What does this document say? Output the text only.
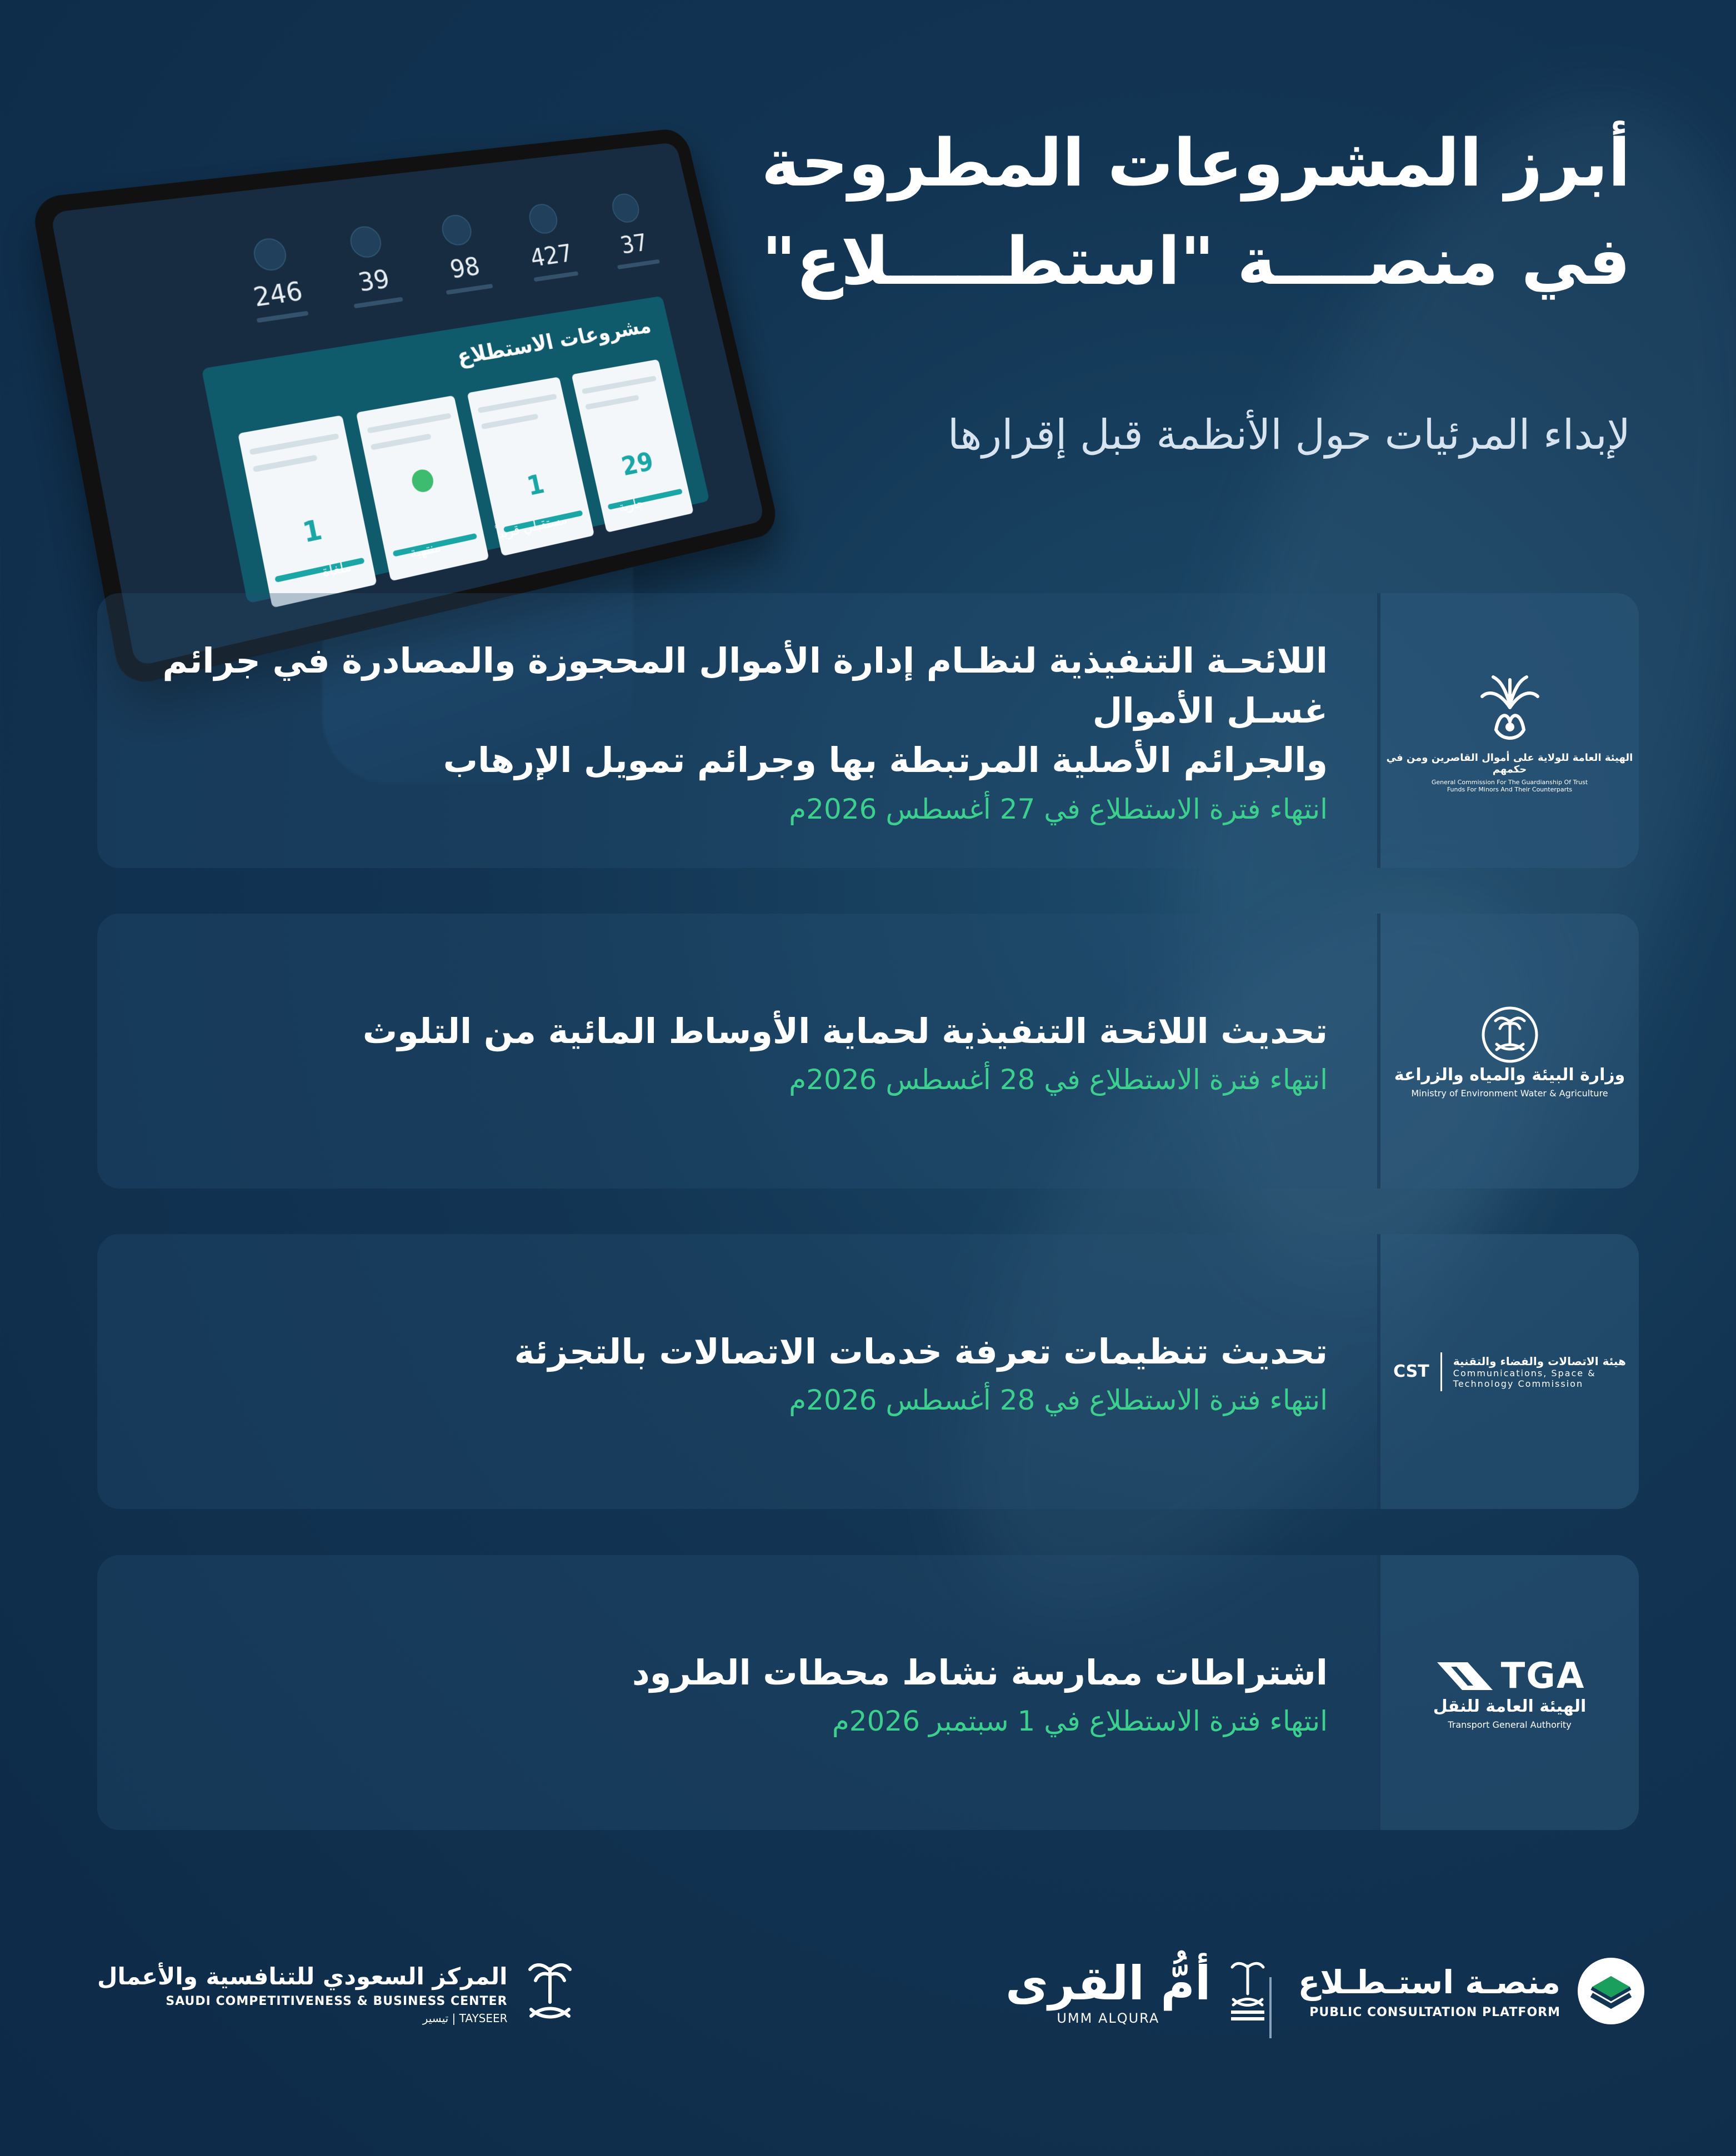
37
427
98
39
246
مشروعات الاستطلاع
29
1
1
جارية
مستقبلي قريباً
منتهية
ملغاة
أبرز المشروعات المطروحة
في منصــــة "استطـــــلاع"
لإبداء المرئيات حول الأنظمة قبل إقرارها
الهيئة العامة للولاية على أموال القاصرين ومن في حكمهم
General Commission For The Guardianship Of Trust Funds For Minors And Their Counterparts
اللائحـة التنفيذية لنظـام إدارة الأموال المحجوزة والمصادرة في جرائم غسـل الأموال
والجرائم الأصلية المرتبطة بها وجرائم تمويل الإرهاب
انتهاء فترة الاستطلاع في 27 أغسطس 2026م
وزارة البيئة والمياه والزراعة
Ministry of Environment Water & Agriculture
تحديث اللائحة التنفيذية لحماية الأوساط المائية من التلوث
انتهاء فترة الاستطلاع في 28 أغسطس 2026م
CST
هيئة الاتصالات والفضاء والتقنية
Communications, Space & Technology Commission
تحديث تنظيمات تعرفة خدمات الاتصالات بالتجزئة
انتهاء فترة الاستطلاع في 28 أغسطس 2026م
TGA
الهيئة العامة للنقل
Transport General Authority
اشتراطات ممارسة نشاط محطات الطرود
انتهاء فترة الاستطلاع في 1 سبتمبر 2026م
منصـة استـطـلاع
PUBLIC CONSULTATION PLATFORM
أمُّ القرى
UMM ALQURA
المركز السعودي للتنافسية والأعمال
SAUDI COMPETITIVENESS & BUSINESS CENTER
TAYSEER | تيسير
